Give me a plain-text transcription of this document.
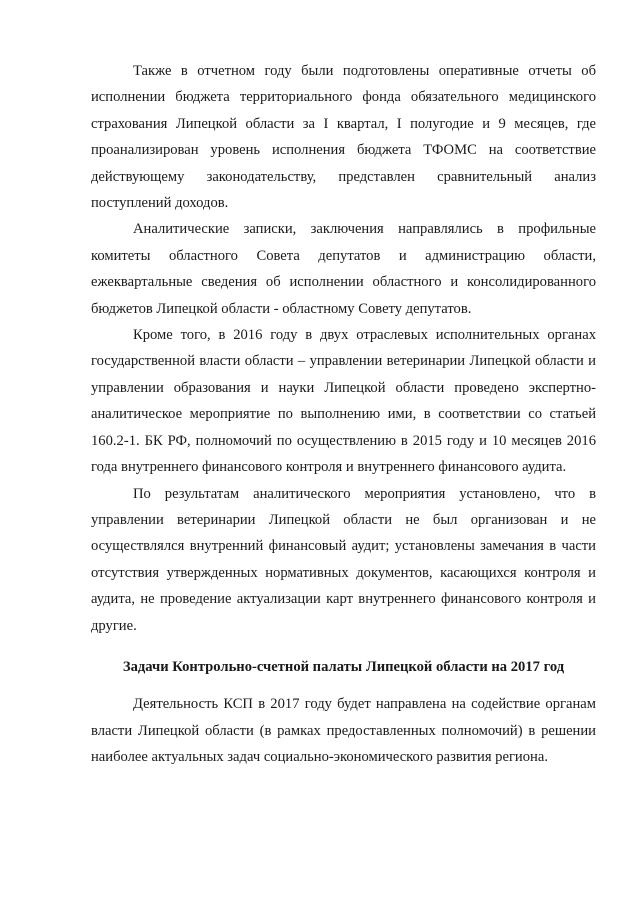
Также в отчетном году были подготовлены оперативные отчеты об исполнении бюджета территориального фонда обязательного медицинского страхования Липецкой области за I квартал, I полугодие и 9 месяцев, где проанализирован уровень исполнения бюджета ТФОМС на соответствие действующему законодательству, представлен сравнительный анализ поступлений доходов.

Аналитические записки, заключения направлялись в профильные комитеты областного Совета депутатов и администрацию области, ежеквартальные сведения об исполнении областного и консолидированного бюджетов Липецкой области - областному Совету депутатов.

Кроме того, в 2016 году в двух отраслевых исполнительных органах государственной власти области – управлении ветеринарии Липецкой области и управлении образования и науки Липецкой области проведено экспертно-аналитическое мероприятие по выполнению ими, в соответствии со статьей 160.2-1. БК РФ, полномочий по осуществлению в 2015 году и 10 месяцев 2016 года внутреннего финансового контроля и внутреннего финансового аудита.

По результатам аналитического мероприятия установлено, что в управлении ветеринарии Липецкой области не был организован и не осуществлялся внутренний финансовый аудит; установлены замечания в части отсутствия утвержденных нормативных документов, касающихся контроля и аудита, не проведение актуализации карт внутреннего финансового контроля и другие.

Задачи Контрольно-счетной палаты Липецкой области на 2017 год

Деятельность КСП в 2017 году будет направлена на содействие органам власти Липецкой области (в рамках предоставленных полномочий) в решении наиболее актуальных задач социально-экономического развития региона.
